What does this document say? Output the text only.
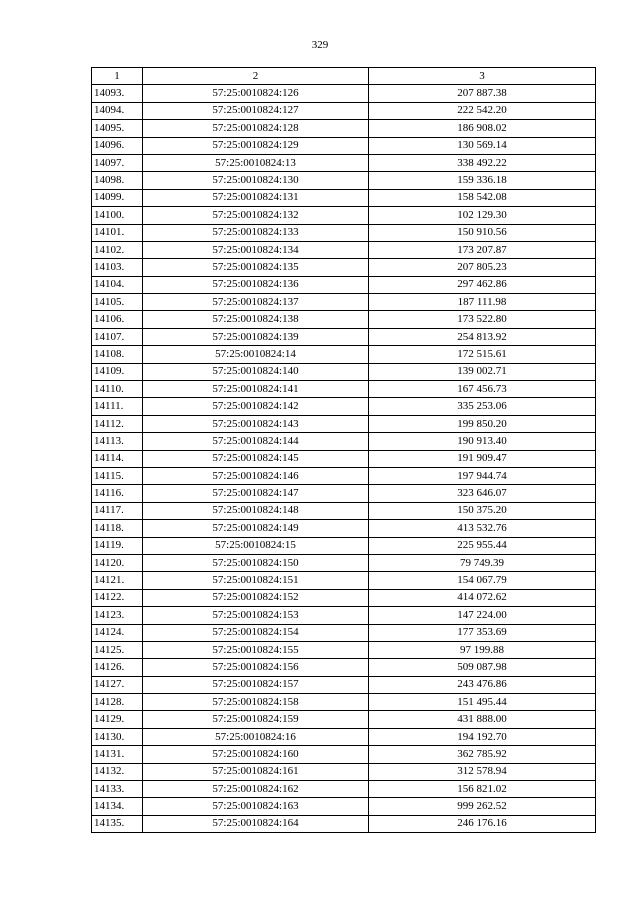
329
1	2	3
14093.	57:25:0010824:126	207 887.38
14094.	57:25:0010824:127	222 542.20
14095.	57:25:0010824:128	186 908.02
14096.	57:25:0010824:129	130 569.14
14097.	57:25:0010824:13	338 492.22
14098.	57:25:0010824:130	159 336.18
14099.	57:25:0010824:131	158 542.08
14100.	57:25:0010824:132	102 129.30
14101.	57:25:0010824:133	150 910.56
14102.	57:25:0010824:134	173 207.87
14103.	57:25:0010824:135	207 805.23
14104.	57:25:0010824:136	297 462.86
14105.	57:25:0010824:137	187 111.98
14106.	57:25:0010824:138	173 522.80
14107.	57:25:0010824:139	254 813.92
14108.	57:25:0010824:14	172 515.61
14109.	57:25:0010824:140	139 002.71
14110.	57:25:0010824:141	167 456.73
14111.	57:25:0010824:142	335 253.06
14112.	57:25:0010824:143	199 850.20
14113.	57:25:0010824:144	190 913.40
14114.	57:25:0010824:145	191 909.47
14115.	57:25:0010824:146	197 944.74
14116.	57:25:0010824:147	323 646.07
14117.	57:25:0010824:148	150 375.20
14118.	57:25:0010824:149	413 532.76
14119.	57:25:0010824:15	225 955.44
14120.	57:25:0010824:150	79 749.39
14121.	57:25:0010824:151	154 067.79
14122.	57:25:0010824:152	414 072.62
14123.	57:25:0010824:153	147 224.00
14124.	57:25:0010824:154	177 353.69
14125.	57:25:0010824:155	97 199.88
14126.	57:25:0010824:156	509 087.98
14127.	57:25:0010824:157	243 476.86
14128.	57:25:0010824:158	151 495.44
14129.	57:25:0010824:159	431 888.00
14130.	57:25:0010824:16	194 192.70
14131.	57:25:0010824:160	362 785.92
14132.	57:25:0010824:161	312 578.94
14133.	57:25:0010824:162	156 821.02
14134.	57:25:0010824:163	999 262.52
14135.	57:25:0010824:164	246 176.16
